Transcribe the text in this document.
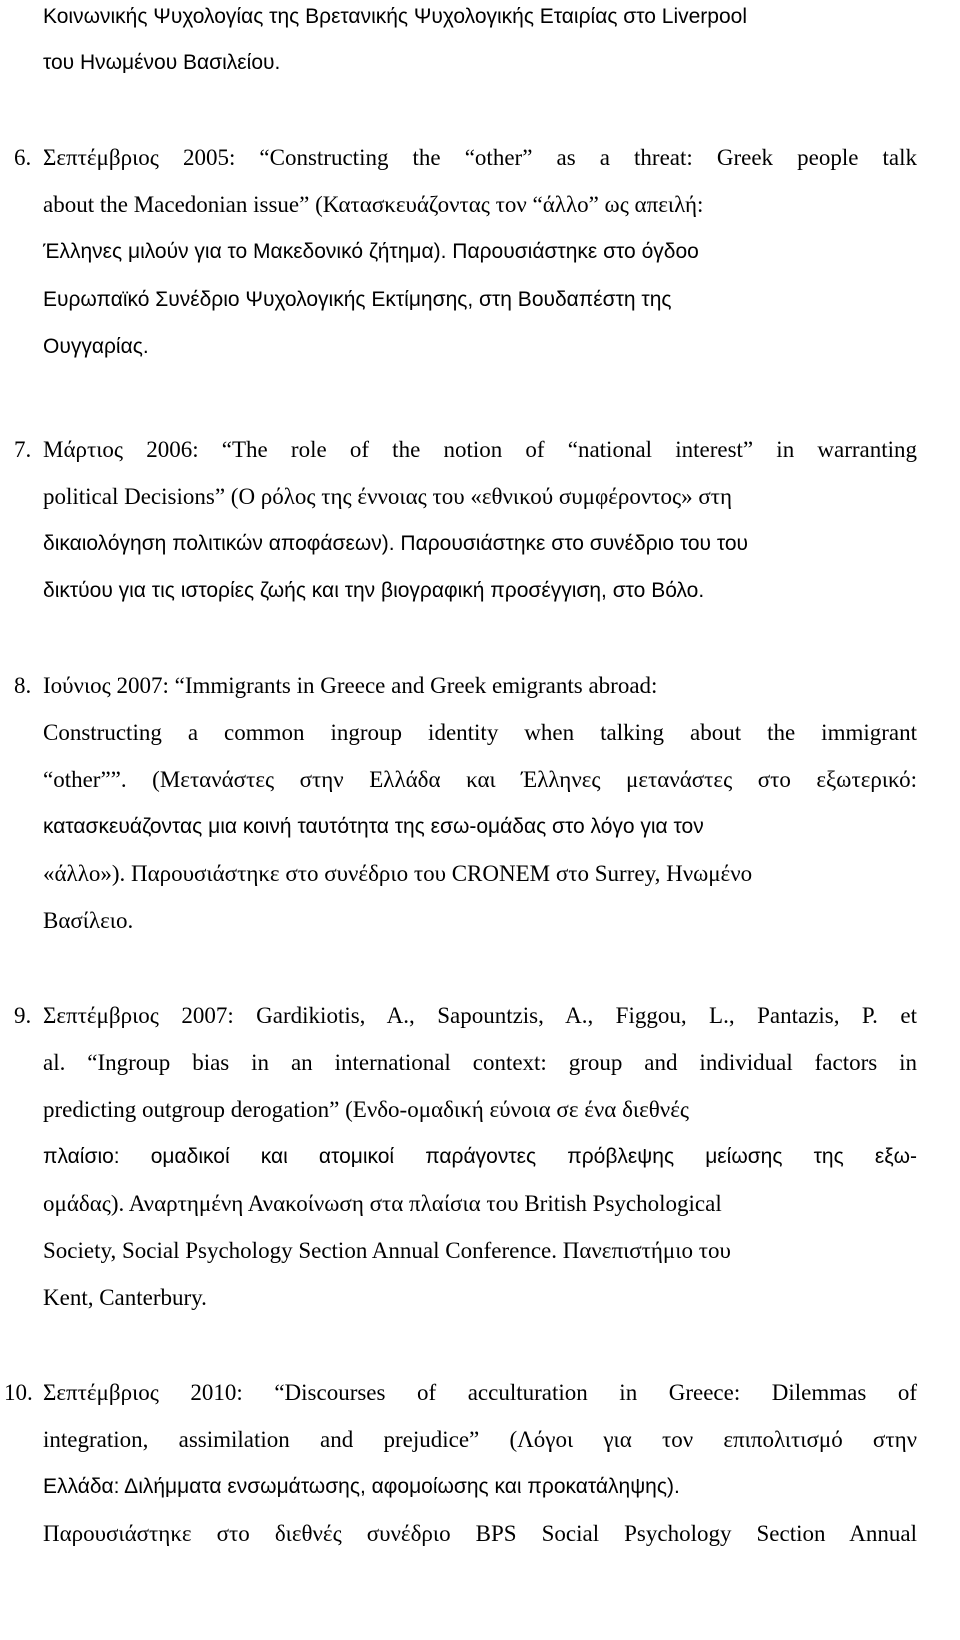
Κοινωνικής Ψυχολογίας της Βρετανικής Ψυχολογικής Εταιρίας στο Liverpool
του Ηνωμένου Βασιλείου.
6. Σεπτέμβριος 2005: “Constructing the “other” as a threat: Greek people talk
about the Macedonian issue” (Κατασκευάζοντας τον “άλλο” ως απειλή:
Έλληνες μιλούν για το Μακεδονικό ζήτημα). Παρουσιάστηκε στο όγδοο
Ευρωπαϊκό Συνέδριο Ψυχολογικής Εκτίμησης, στη Βουδαπέστη της
Ουγγαρίας.
7. Μάρτιος 2006: “The role of the notion of “national interest” in warranting
political Decisions” (Ο ρόλος της έννοιας του «εθνικού συμφέροντος» στη
δικαιολόγηση πολιτικών αποφάσεων). Παρουσιάστηκε στο συνέδριο του του
δικτύου για τις ιστορίες ζωής και την βιογραφική προσέγγιση, στο Βόλο.
8. Ιούνιος 2007: “Immigrants in Greece and Greek emigrants abroad:
Constructing a common ingroup identity when talking about the immigrant
“other””. (Μετανάστες στην Ελλάδα και Έλληνες μετανάστες στο εξωτερικό:
κατασκευάζοντας μια κοινή ταυτότητα της εσω-ομάδας στο λόγο για τον
«άλλο»). Παρουσιάστηκε στο συνέδριο του CRONEM στο Surrey, Ηνωμένο
Βασίλειο.
9. Σεπτέμβριος 2007: Gardikiotis, A., Sapountzis, A., Figgou, L., Pantazis, P. et
al. “Ingroup bias in an international context: group and individual factors in
predicting outgroup derogation” (Ενδο-ομαδική εύνοια σε ένα διεθνές
πλαίσιο: ομαδικοί και ατομικοί παράγοντες πρόβλεψης μείωσης της εξω-
ομάδας). Αναρτημένη Ανακοίνωση στα πλαίσια του British Psychological
Society, Social Psychology Section Annual Conference. Πανεπιστήμιο του
Kent, Canterbury.
10. Σεπτέμβριος 2010: “Discourses of acculturation in Greece: Dilemmas of
integration, assimilation and prejudice” (Λόγοι για τον επιπολιτισμό στην
Ελλάδα: Διλήμματα ενσωμάτωσης, αφομοίωσης και προκατάληψης).
Παρουσιάστηκε στο διεθνές συνέδριο BPS Social Psychology Section Annual
